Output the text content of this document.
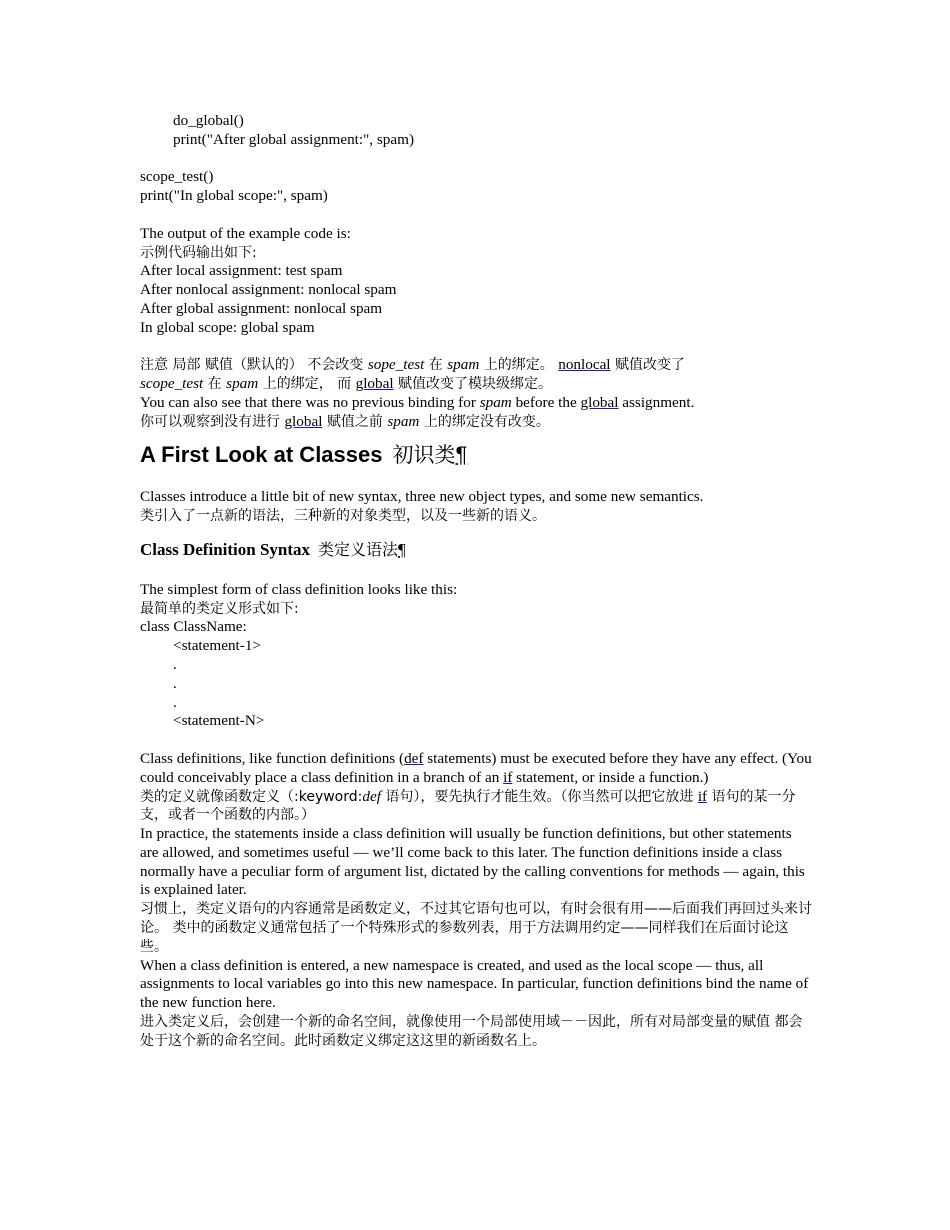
do_global()
print("After global assignment:", spam)
scope_test()
print("In global scope:", spam)
The output of the example code is:
示例代码输出如下:
After local assignment: test spam
After nonlocal assignment: nonlocal spam
After global assignment: nonlocal spam
In global scope: global spam
注意 局部 赋值（默认的） 不会改变 sope_test 在 spam 上的绑定。 nonlocal 赋值改变了
scope_test 在 spam 上的绑定， 而 global 赋值改变了模块级绑定。
You can also see that there was no previous binding for spam before the global assignment.
你可以观察到没有进行 global 赋值之前 spam 上的绑定没有改变。
A First Look at Classes 初识类¶
Classes introduce a little bit of new syntax, three new object types, and some new semantics.
类引入了一点新的语法，三种新的对象类型，以及一些新的语义。
Class Definition Syntax 类定义语法¶
The simplest form of class definition looks like this:
最简单的类定义形式如下:
class ClassName:
<statement-1>
.
.
.
<statement-N>
Class definitions, like function definitions (def statements) must be executed before they have any effect. (You could conceivably place a class definition in a branch of an if statement, or inside a function.)
类的定义就像函数定义（:keyword:def 语句），要先执行才能生效。（你当然可以把它放进 if 语句的某一分支，或者一个函数的内部。）
In practice, the statements inside a class definition will usually be function definitions, but other statements are allowed, and sometimes useful — we’ll come back to this later. The function definitions inside a class normally have a peculiar form of argument list, dictated by the calling conventions for methods — again, this is explained later.
习惯上，类定义语句的内容通常是函数定义，不过其它语句也可以，有时会很有用——后面我们再回过头来讨论。 类中的函数定义通常包括了一个特殊形式的参数列表，用于方法调用约定——同样我们在后面讨论这些。
When a class definition is entered, a new namespace is created, and used as the local scope — thus, all assignments to local variables go into this new namespace. In particular, function definitions bind the name of the new function here.
进入类定义后，会创建一个新的命名空间，就像使用一个局部使用域－－因此，所有对局部变量的赋值 都会处于这个新的命名空间。此时函数定义绑定这这里的新函数名上。
